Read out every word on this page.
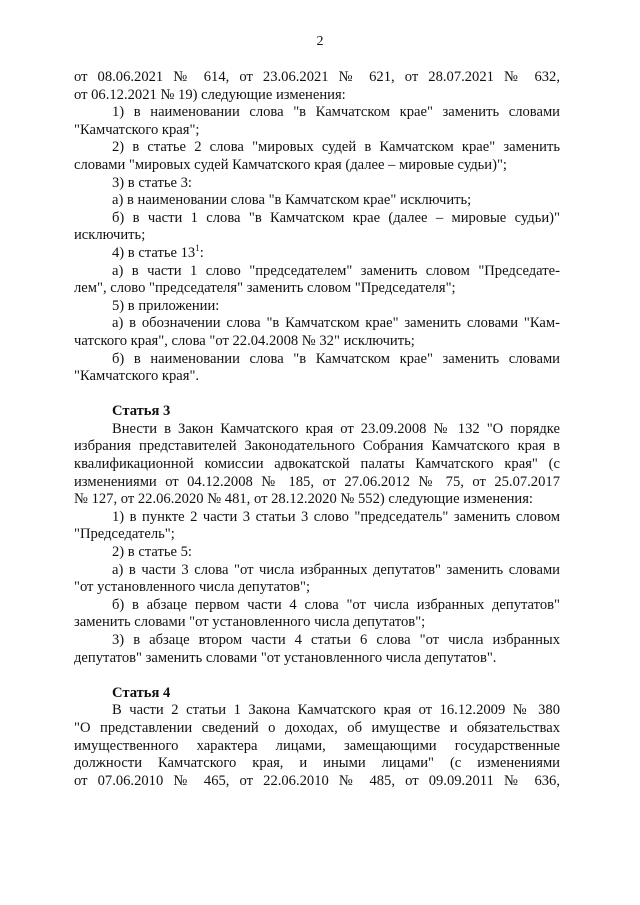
2

от 08.06.2021 № 614, от 23.06.2021 № 621, от 28.07.2021 № 632,

от 06.12.2021 № 19) следующие изменения:

1) в наименовании слова "в Камчатском крае" заменить словами

"Камчатского края";

2) в статье 2 слова "мировых судей в Камчатском крае" заменить

словами "мировых судей Камчатского края (далее – мировые судьи)";

3) в статье 3:

а) в наименовании слова "в Камчатском крае" исключить;

б) в части 1 слова "в Камчатском крае (далее – мировые судьи)"

исключить;

4) в статье $13^1$:

а) в части 1 слово "председателем" заменить словом "Председате-

лем", слово "председателя" заменить словом "Председателя";

5) в приложении:

а) в обозначении слова "в Камчатском крае" заменить словами "Кам-

чатского края", слова "от 22.04.2008 № 32" исключить;

б) в наименовании слова "в Камчатском крае" заменить словами

"Камчатского края".

Статья 3

Внести в Закон Камчатского края от 23.09.2008 № 132 "О порядке

избрания представителей Законодательного Собрания Камчатского края в

квалификационной комиссии адвокатской палаты Камчатского края" (с

изменениями от 04.12.2008 № 185, от 27.06.2012 № 75, от 25.07.2017

№ 127, от 22.06.2020 № 481, от 28.12.2020 № 552) следующие изменения:

1) в пункте 2 части 3 статьи 3 слово "председатель" заменить словом

"Председатель";

2) в статье 5:

а) в части 3 слова "от числа избранных депутатов" заменить словами

"от установленного числа депутатов";

б) в абзаце первом части 4 слова "от числа избранных депутатов"

заменить словами "от установленного числа депутатов";

3) в абзаце втором части 4 статьи 6 слова "от числа избранных

депутатов" заменить словами "от установленного числа депутатов".

Статья 4

В части 2 статьи 1 Закона Камчатского края от 16.12.2009 № 380

"О представлении сведений о доходах, об имуществе и обязательствах

имущественного характера лицами, замещающими государственные

должности Камчатского края, и иными лицами" (с изменениями

от 07.06.2010 № 465, от 22.06.2010 № 485, от 09.09.2011 № 636,
